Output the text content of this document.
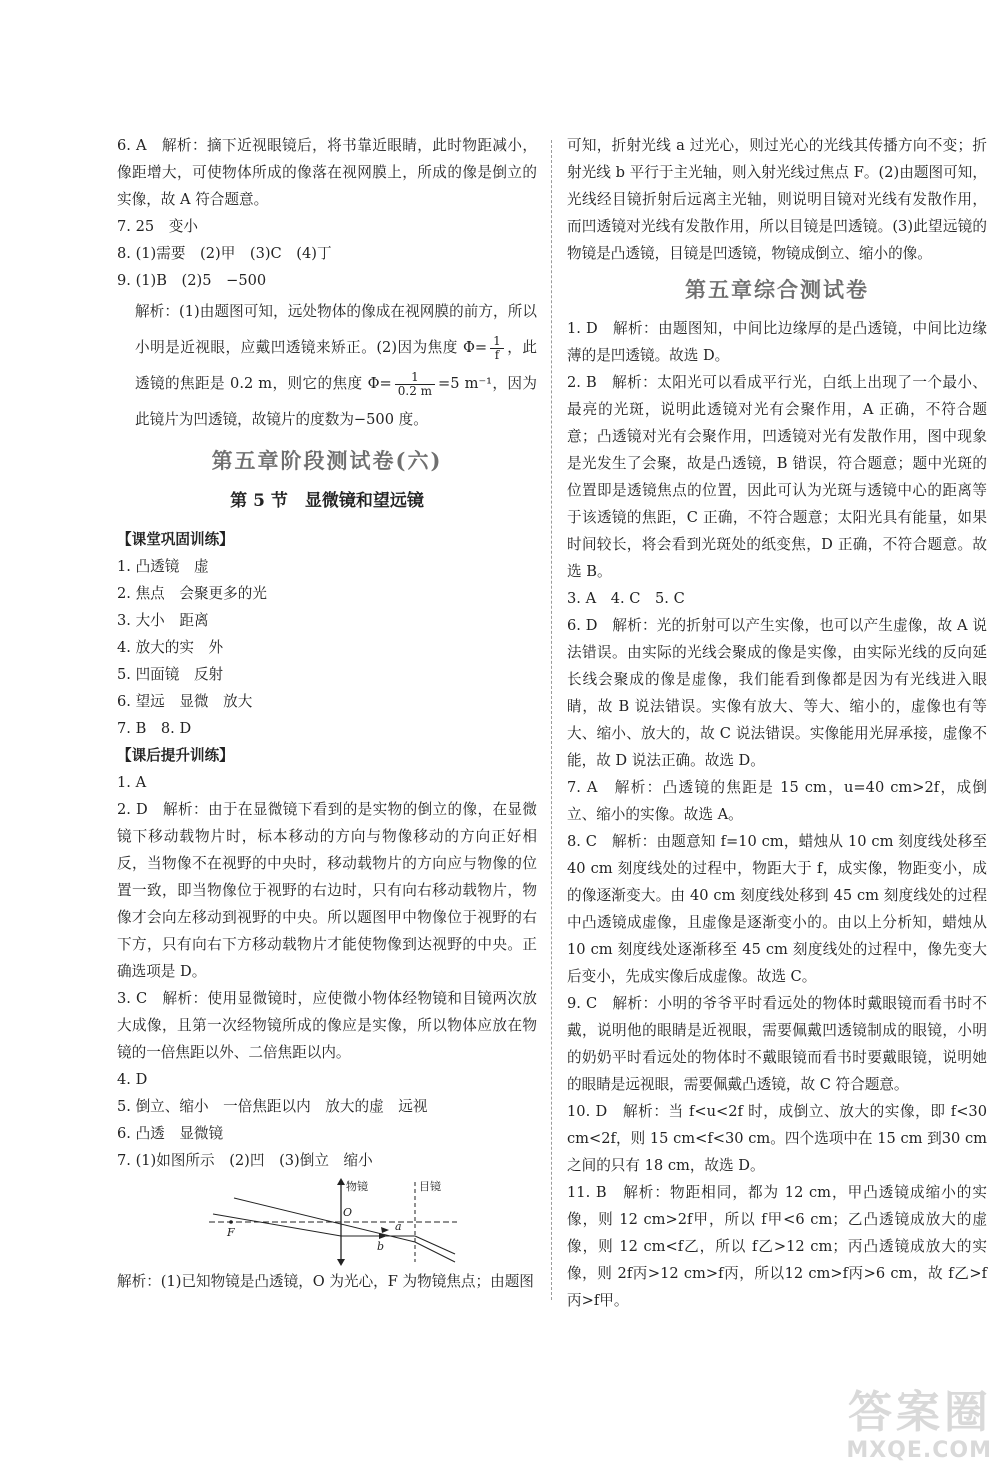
6. A　 解析：摘下近视眼镜后，将书靠近眼睛，此时物距减小，像距增大，可使物体所成的像落在视网膜上，所成的像是倒立的实像，故 A 符合题意。

7. 25　变小

8. (1)需要　(2)甲　(3)C　(4)丁

9. (1)B　(2)5　−500

解析：(1)由题图可知，远处物体的像成在视网膜的前方，所以小明是近视眼，应戴凹透镜来矫正。(2)因为焦度 $\Phi= \frac{1}{f}$ ，此透镜的焦距是 0.2 m，则它的焦度 $\Phi= \frac{1}{0.2 m} =5$ m⁻¹，因为此镜片为凹透镜，故镜片的度数为−500 度。

第五章阶段测试卷(六)
第 5 节　显微镜和望远镜

【课堂巩固训练】

1. 凸透镜　虚

2. 焦点　会聚更多的光

3. 大小　距离

4. 放大的实　外

5. 凹面镜　反射

6. 望远　显微　放大

7. B　8. D

【课后提升训练】

1. A

2. D　 解析：由于在显微镜下看到的是实物的倒立的像，在显微镜下移动载物片时，标本移动的方向与物像移动的方向正好相反，当物像不在视野的中央时，移动载物片的方向应与物像的位置一致，即当物像位于视野的右边时，只有向右移动载物片，物像才会向左移动到视野的中央。所以题图甲中物像位于视野的右下方，只有向右下方移动载物片才能使物像到达视野的中央。正确选项是 D。

3. C　 解析：使用显微镜时，应使微小物体经物镜和目镜两次放大成像，且第一次经物镜所成的像应是实像，所以物体应放在物镜的一倍焦距以外、二倍焦距以内。

4. D

5. 倒立、缩小　一倍焦距以内　放大的虚　远视

6. 凸透　显微镜

7. (1)如图所示　(2)凹　(3)倒立　缩小

物镜	目镜
O
F	a
b

解析：(1)已知物镜是凸透镜，O 为光心，F 为物镜焦点；由题图

可知，折射光线 a 过光心，则过光心的光线其传播方向不变；折射光线 b 平行于主光轴，则入射光线过焦点 F。(2)由题图可知，光线经目镜折射后远离主光轴，则说明目镜对光线有发散作用，而凹透镜对光线有发散作用，所以目镜是凹透镜。(3)此望远镜的物镜是凸透镜，目镜是凹透镜，物镜成倒立、缩小的像。

第五章综合测试卷

1. D　 解析：由题图知，中间比边缘厚的是凸透镜，中间比边缘薄的是凹透镜。故选 D。

2. B　 解析：太阳光可以看成平行光，白纸上出现了一个最小、最亮的光斑，说明此透镜对光有会聚作用，A 正确，不符合题意；凸透镜对光有会聚作用，凹透镜对光有发散作用，图中现象是光发生了会聚，故是凸透镜，B 错误，符合题意；题中光斑的位置即是透镜焦点的位置，因此可认为光斑与透镜中心的距离等于该透镜的焦距，C 正确，不符合题意；太阳光具有能量，如果时间较长，将会看到光斑处的纸变焦，D 正确，不符合题意。故选 B。

3. A　4. C　5. C

6. D　 解析：光的折射可以产生实像，也可以产生虚像，故 A 说法错误。由实际的光线会聚成的像是实像，由实际光线的反向延长线会聚成的像是虚像，我们能看到像都是因为有光线进入眼睛，故 B 说法错误。实像有放大、等大、缩小的，虚像也有等大、缩小、放大的，故 C 说法错误。实像能用光屏承接，虚像不能，故 D 说法正确。故选 D。

7. A　 解析：凸透镜的焦距是 15 cm，u=40 cm>2f，成倒立、缩小的实像。故选 A。

8. C　 解析：由题意知 f=10 cm，蜡烛从 10 cm 刻度线处移至 40 cm 刻度线处的过程中，物距大于 f，成实像，物距变小，成的像逐渐变大。由 40 cm 刻度线处移到 45 cm 刻度线处的过程中凸透镜成虚像，且虚像是逐渐变小的。由以上分析知，蜡烛从10 cm 刻度线处逐渐移至 45 cm 刻度线处的过程中，像先变大后变小，先成实像后成虚像。故选 C。

9. C　 解析：小明的爷爷平时看远处的物体时戴眼镜而看书时不戴，说明他的眼睛是近视眼，需要佩戴凹透镜制成的眼镜，小明的奶奶平时看远处的物体时不戴眼镜而看书时要戴眼镜，说明她的眼睛是远视眼，需要佩戴凸透镜，故 C 符合题意。

10. D　 解析：当 f<u<2f 时，成倒立、放大的实像，即 f<30 cm<2f，则 15 cm<f<30 cm。四个选项中在 15 cm 到30 cm之间的只有 18 cm，故选 D。

11. B　 解析：物距相同，都为 12 cm，甲凸透镜成缩小的实像，则 12 cm>2f甲，所以 f甲<6 cm；乙凸透镜成放大的虚像，则 12 cm<f乙，所以 f乙>12 cm；丙凸透镜成放大的实像，则 2f丙>12 cm>f丙，所以12 cm>f丙>6 cm，故 f乙>f丙>f甲。

答案圈
MXQE.COM
